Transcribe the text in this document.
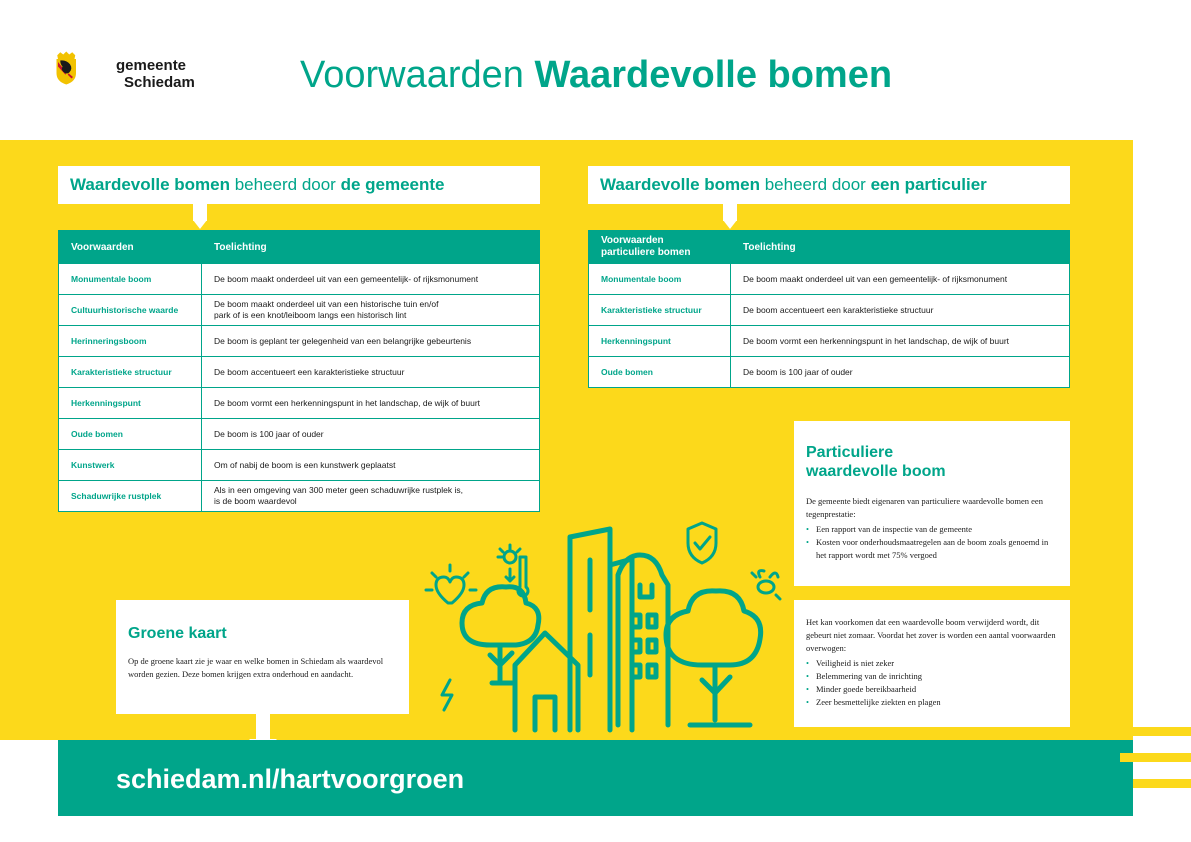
gemeente
Schiedam	Voorwaarden Waardevolle bomen
Waardevolle bomen beheerd door de gemeente
Voorwaarden	Toelichting
Monumentale boom	De boom maakt onderdeel uit van een gemeentelijk- of rijksmonument
Cultuurhistorische waarde	De boom maakt onderdeel uit van een historische tuin en/of
park of is een knot/leiboom langs een historisch lint
Herinneringsboom	De boom is geplant ter gelegenheid van een belangrijke gebeurtenis
Karakteristieke structuur	De boom accentueert een karakteristieke structuur
Herkenningspunt	De boom vormt een herkenningspunt in het landschap, de wijk of buurt
Oude bomen	De boom is 100 jaar of ouder
Kunstwerk	Om of nabij de boom is een kunstwerk geplaatst
Schaduwrijke rustplek	Als in een omgeving van 300 meter geen schaduwrijke rustplek is,
is de boom waardevol
Waardevolle bomen beheerd door een particulier
Voorwaarden
particuliere bomen	Toelichting
Monumentale boom	De boom maakt onderdeel uit van een gemeentelijk- of rijksmonument
Karakteristieke structuur	De boom accentueert een karakteristieke structuur
Herkenningspunt	De boom vormt een herkenningspunt in het landschap, de wijk of buurt
Oude bomen	De boom is 100 jaar of ouder
Particuliere
waardevolle boom

De gemeente biedt eigenaren van particuliere waardevolle bomen een tegenprestatie:

• Een rapport van de inspectie van de gemeente
• Kosten voor onderhoudsmaatregelen aan de boom zoals genoemd in het rapport wordt met 75% vergoed

Het kan voorkomen dat een waardevolle boom verwijderd wordt, dit gebeurt niet zomaar. Voordat het zover is worden een aantal voorwaarden overwogen:

• Veiligheid is niet zeker
• Belemmering van de inrichting
• Minder goede bereikbaarheid
• Zeer besmettelijke ziekten en plagen
Groene kaart

Op de groene kaart zie je waar en welke bomen in Schiedam als waardevol worden gezien. Deze bomen krijgen extra onderhoud en aandacht.

schiedam.nl/hartvoorgroen
